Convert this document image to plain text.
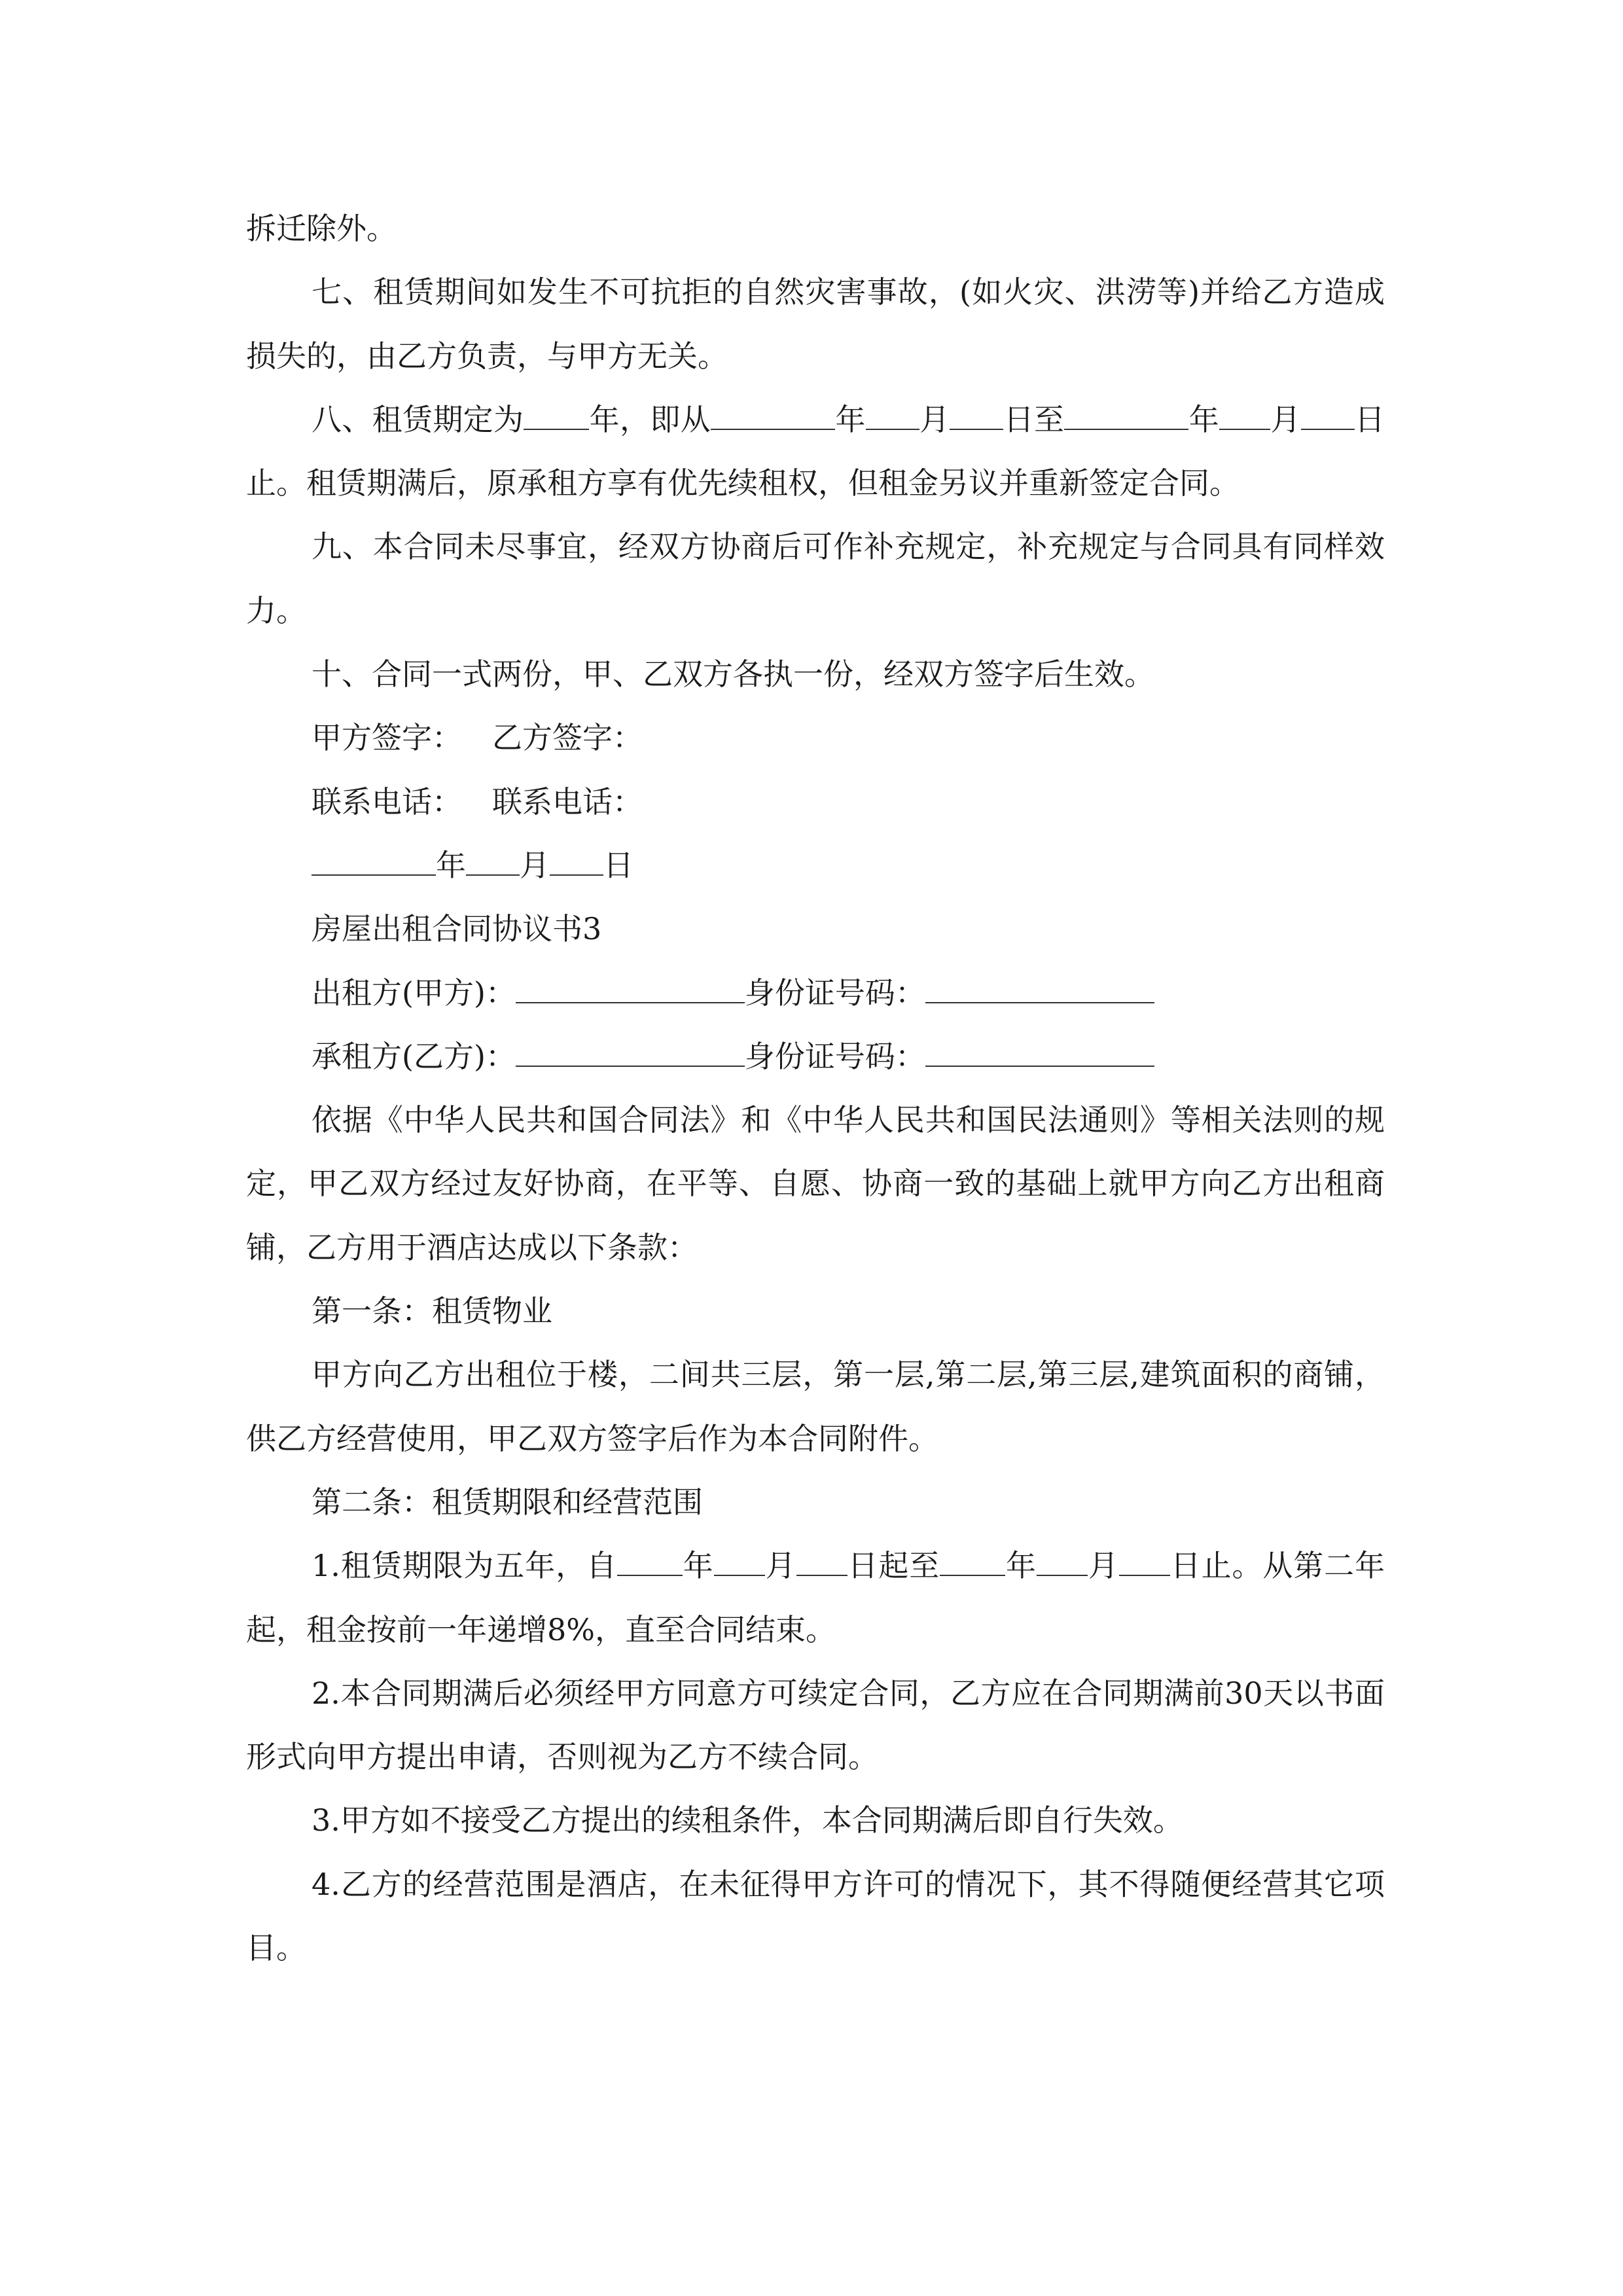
拆迁除外。

七、租赁期间如发生不可抗拒的自然灾害事故，(如火灾、洪涝等)并给乙方造成损失的，由乙方负责，与甲方无关。

八、租赁期定为 年，即从	年 月 日至	年 月 日止。租赁期满后，原承租方享有优先续租权，但租金另议并重新签定合同。

九、本合同未尽事宜，经双方协商后可作补充规定，补充规定与合同具有同样效力。

十、合同一式两份，甲、乙双方各执一份，经双方签字后生效。

甲方签字： 乙方签字：

联系电话： 联系电话：

年 月 日

房屋出租合同协议书3

出租方(甲方)：	身份证号码：

承租方(乙方)：	身份证号码：

依据《中华人民共和国合同法》和《中华人民共和国民法通则》等相关法则的规定，甲乙双方经过友好协商，在平等、自愿、协商一致的基础上就甲方向乙方出租商铺，乙方用于酒店达成以下条款：

第一条：租赁物业

甲方向乙方出租位于楼，二间共三层，第一层,第二层,第三层,建筑面积的商铺，供乙方经营使用，甲乙双方签字后作为本合同附件。

第二条：租赁期限和经营范围

1.租赁期限为五年，自 年 月 日起至 年 月 日止。从第二年起，租金按前一年递增8%，直至合同结束。

2.本合同期满后必须经甲方同意方可续定合同，乙方应在合同期满前30天以书面形式向甲方提出申请，否则视为乙方不续合同。

3.甲方如不接受乙方提出的续租条件，本合同期满后即自行失效。

4.乙方的经营范围是酒店，在未征得甲方许可的情况下，其不得随便经营其它项目。
